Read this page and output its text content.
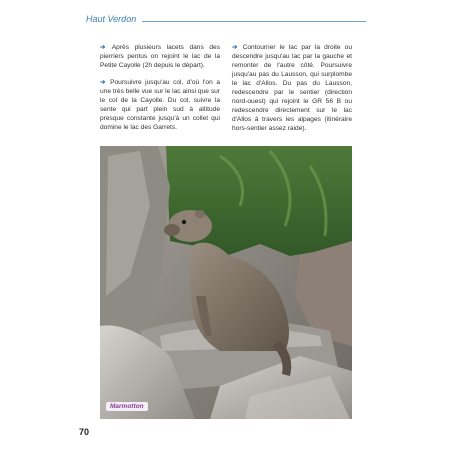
Haut Verdon

➔ Après plusieurs lacets dans des pierriers pentus on rejoint le lac de la Petite Cayolle (2h depuis le départ).

➔ Poursuivre jusqu'au col, d'où l'on a une très belle vue sur le lac ainsi que sur le col de la Cayolle. Du col, suivre la sente qui part plein sud à altitude presque constante jusqu'à un collet qui domine le lac des Garrets.

➔ Contourner le lac par la droite ou descendre jusqu'au lac par la gauche et remonter de l'autre côté. Poursuivre jusqu'au pas du Lausson, qui surplombe le lac d'Allos. Du pas du Lausson, redescendre par le sentier (direction nord-ouest) qui rejoint le GR 56 B ou redescendre directement sur le lac d'Allos à travers les alpages (itinéraire hors-sentier assez raide).

Marmotton
70
